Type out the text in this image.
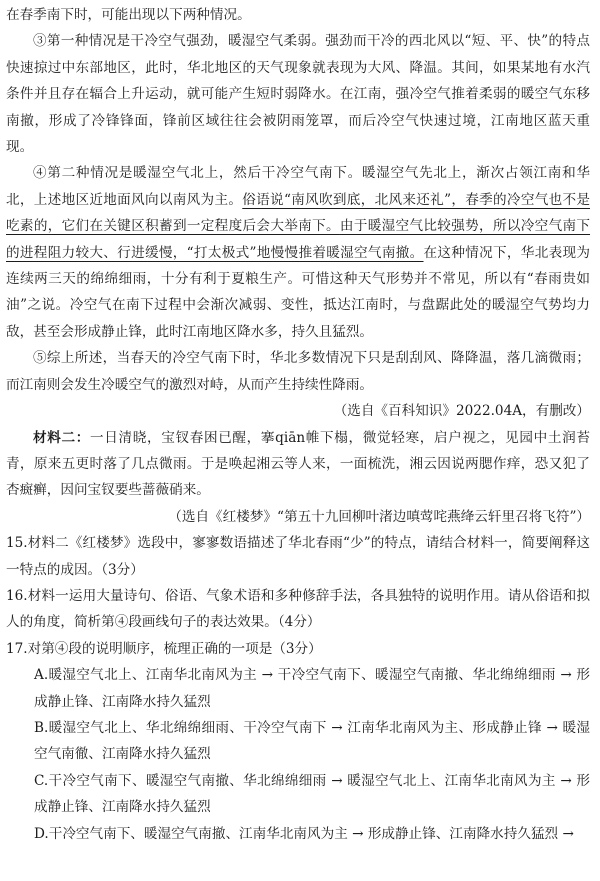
在春季南下时，可能出现以下两种情况。

③第一种情况是干冷空气强劲，暖湿空气柔弱。强劲而干冷的西北风以“短、平、快”的特点快速掠过中东部地区，此时，华北地区的天气现象就表现为大风、降温。其间，如果某地有水汽条件并且存在辐合上升运动，就可能产生短时弱降水。在江南，强冷空气推着柔弱的暖空气东移南撤，形成了冷锋锋面，锋前区域往往会被阴雨笼罩，而后冷空气快速过境，江南地区蓝天重现。

④第二种情况是暖湿空气北上，然后干冷空气南下。暖湿空气先北上，渐次占领江南和华北，上述地区近地面风向以南风为主。俗语说“南风吹到底，北风来还礼”，春季的冷空气也不是吃素的，它们在关键区积蓄到一定程度后会大举南下。由于暖湿空气比较强势，所以冷空气南下的进程阻力较大、行进缓慢，“打太极式”地慢慢推着暖湿空气南撤。在这种情况下，华北表现为连续两三天的绵绵细雨，十分有利于夏粮生产。可惜这种天气形势并不常见，所以有“春雨贵如油”之说。冷空气在南下过程中会渐次减弱、变性，抵达江南时，与盘踞此处的暖湿空气势均力敌，甚至会形成静止锋，此时江南地区降水多，持久且猛烈。

⑤综上所述，当春天的冷空气南下时，华北多数情况下只是刮刮风、降降温，落几滴微雨；而江南则会发生冷暖空气的激烈对峙，从而产生持续性降雨。

（选自《百科知识》2022.04A，有删改）

材料二：一日清晓，宝钗春困已醒，搴qiān帷下榻，微觉轻寒，启户视之，见园中土润苔青，原来五更时落了几点微雨。于是唤起湘云等人来，一面梳洗，湘云因说两腮作痒，恐又犯了杏癍癣，因问宝钗要些蔷薇硝来。

（选自《红楼梦》“第五十九回柳叶渚边嗔莺咤燕绛云轩里召将飞符”）

15.材料二《红楼梦》选段中，寥寥数语描述了华北春雨“少”的特点，请结合材料一，简要阐释这一特点的成因。（3分）

16.材料一运用大量诗句、俗语、气象术语和多种修辞手法，各具独特的说明作用。请从俗语和拟人的角度，简析第④段画线句子的表达效果。（4分）

17.对第④段的说明顺序，梳理正确的一项是（3分）

A.暖湿空气北上、江南华北南风为主 → 干冷空气南下、暖湿空气南撤、华北绵绵细雨 → 形成静止锋、江南降水持久猛烈

B.暖湿空气北上、华北绵绵细雨、干冷空气南下 → 江南华北南风为主、形成静止锋 → 暖湿空气南徹、江南降水持久猛烈

C.干冷空气南下、暖湿空气南撤、华北绵绵细雨 → 暖湿空气北上、江南华北南风为主 → 形成静止锋、江南降水持久猛烈

D.干冷空气南下、暖湿空气南撤、江南华北南风为主 → 形成静止锋、江南降水持久猛烈 →
